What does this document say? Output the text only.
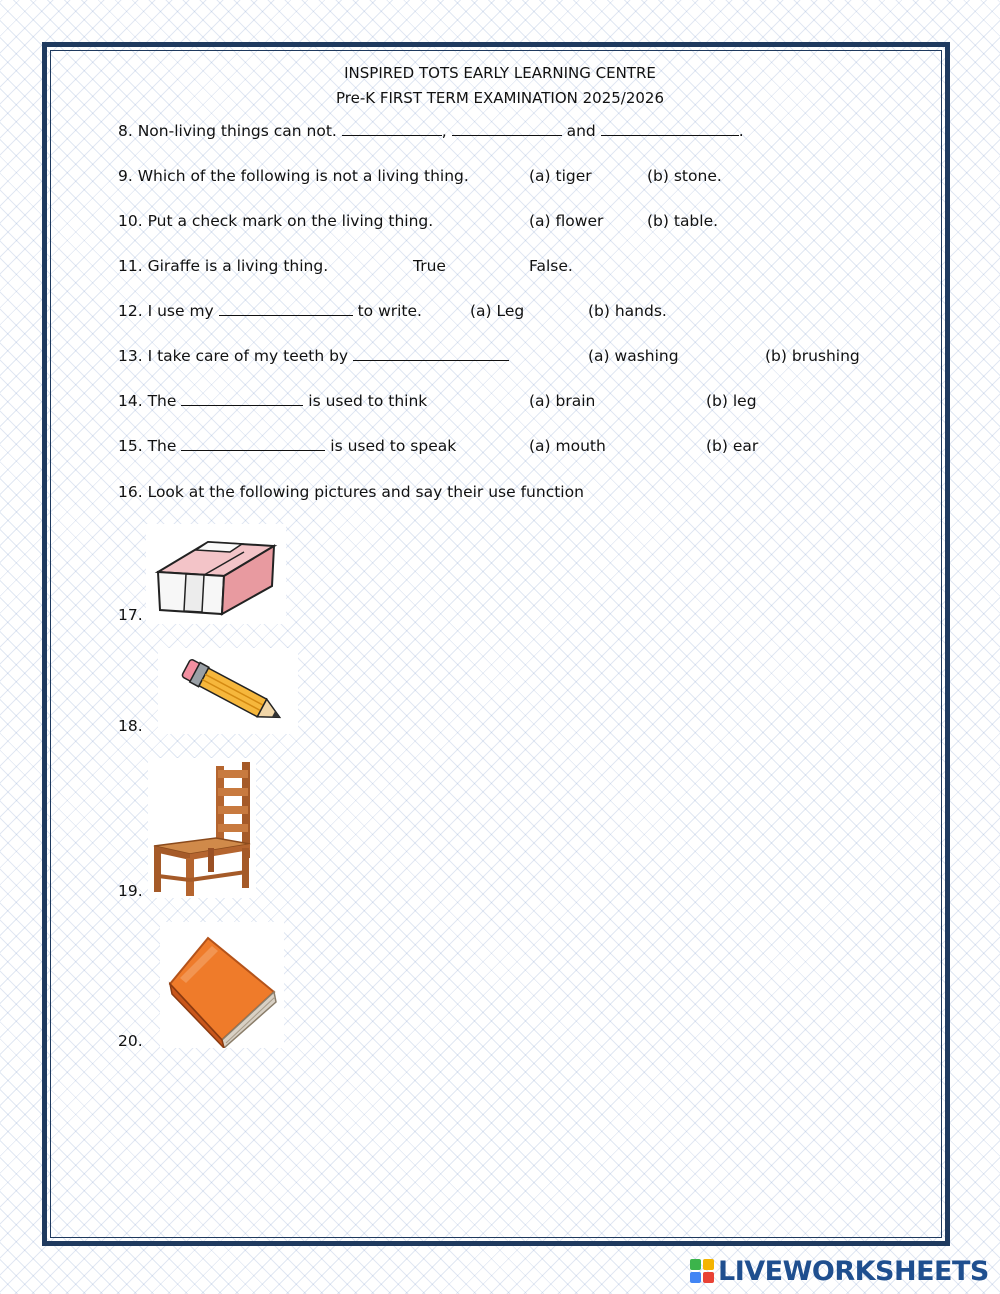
INSPIRED TOTS EARLY LEARNING CENTRE
Pre-K FIRST TERM EXAMINATION 2025/2026
8. Non-living things can not.	,	and	.
9. Which of the following is not a living thing.	(a) tiger	(b) stone.
10. Put a check mark on the living thing.	(a) flower	(b) table.
11. Giraffe is a living thing.	True	False.
12. I use my	to write.	(a) Leg	(b) hands.
13. I take care of my teeth by	(a) washing	(b) brushing
14. The	is used to think	(a) brain	(b) leg
15. The	is used to speak	(a) mouth	(b) ear
16. Look at the following pictures and say their use function
17.
18.
19.
20.
LIVEWORKSHEETS
